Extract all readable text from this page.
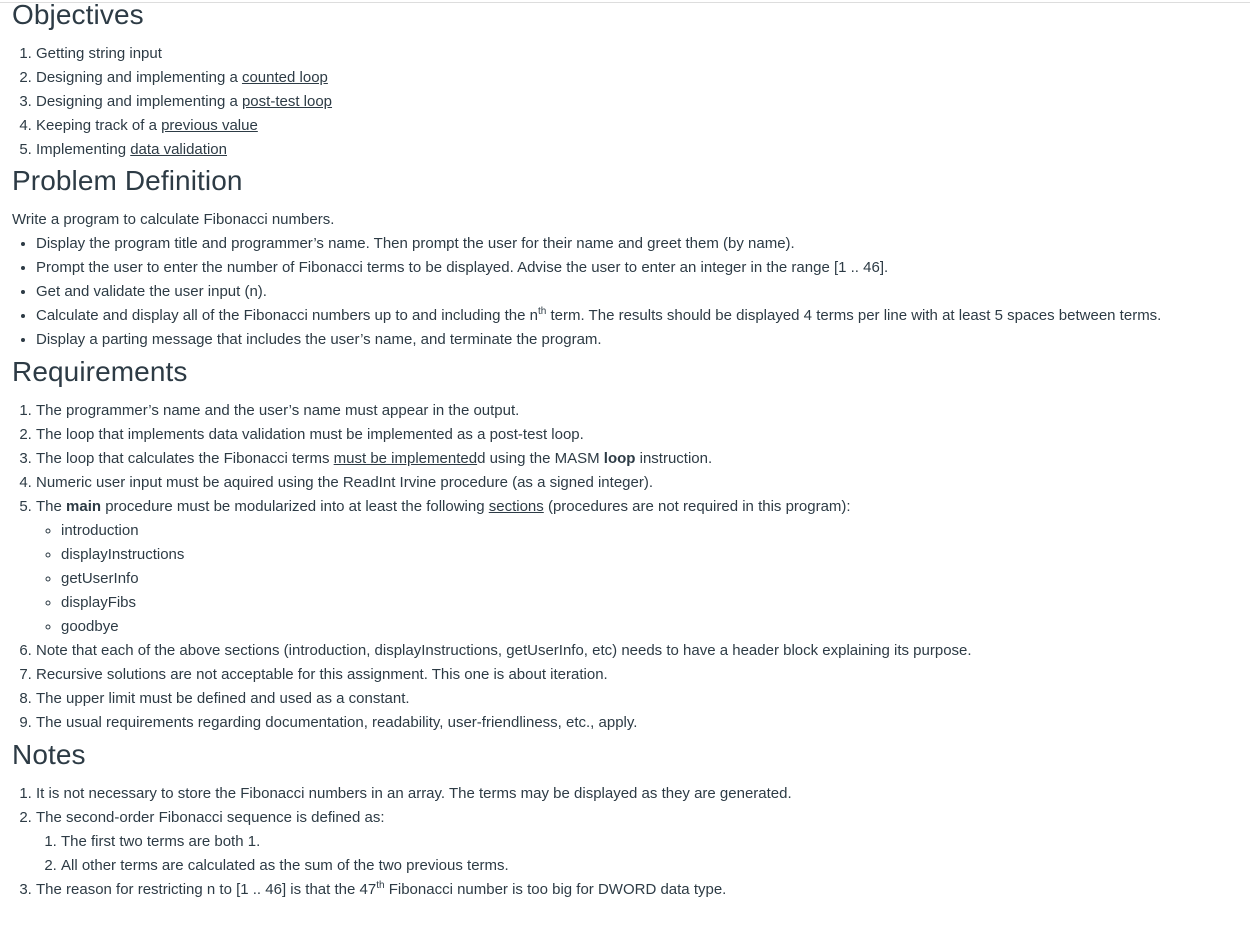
Objectives
1. Getting string input
2. Designing and implementing a counted loop
3. Designing and implementing a post-test loop
4. Keeping track of a previous value
5. Implementing data validation
Problem Definition

Write a program to calculate Fibonacci numbers.

• Display the program title and programmer’s name. Then prompt the user for their name and greet them (by name).
• Prompt the user to enter the number of Fibonacci terms to be displayed. Advise the user to enter an integer in the range [1 .. 46].
• Get and validate the user input (n).
• Calculate and display all of the Fibonacci numbers up to and including the $n^{th}$ term. The results should be displayed 4 terms per line with at least 5 spaces between terms.
• Display a parting message that includes the user’s name, and terminate the program.
Requirements
1. The programmer’s name and the user’s name must appear in the output.
2. The loop that implements data validation must be implemented as a post-test loop.
3. The loop that calculates the Fibonacci terms must be implementedd using the MASM loop instruction.
4. Numeric user input must be aquired using the ReadInt Irvine procedure (as a signed integer).
5. The main procedure must be modularized into at least the following sections (procedures are not required in this program):
◦ introduction
◦ displayInstructions
◦ getUserInfo
◦ displayFibs
◦ goodbye
6. Note that each of the above sections (introduction, displayInstructions, getUserInfo, etc) needs to have a header block explaining its purpose.
7. Recursive solutions are not acceptable for this assignment. This one is about iteration.
8. The upper limit must be defined and used as a constant.
9. The usual requirements regarding documentation, readability, user-friendliness, etc., apply.
Notes
1. It is not necessary to store the Fibonacci numbers in an array. The terms may be displayed as they are generated.
2. The second-order Fibonacci sequence is defined as:
1. The first two terms are both 1.
2. All other terms are calculated as the sum of the two previous terms.
3. The reason for restricting n to [1 .. 46] is that the 47th Fibonacci number is too big for DWORD data type.
